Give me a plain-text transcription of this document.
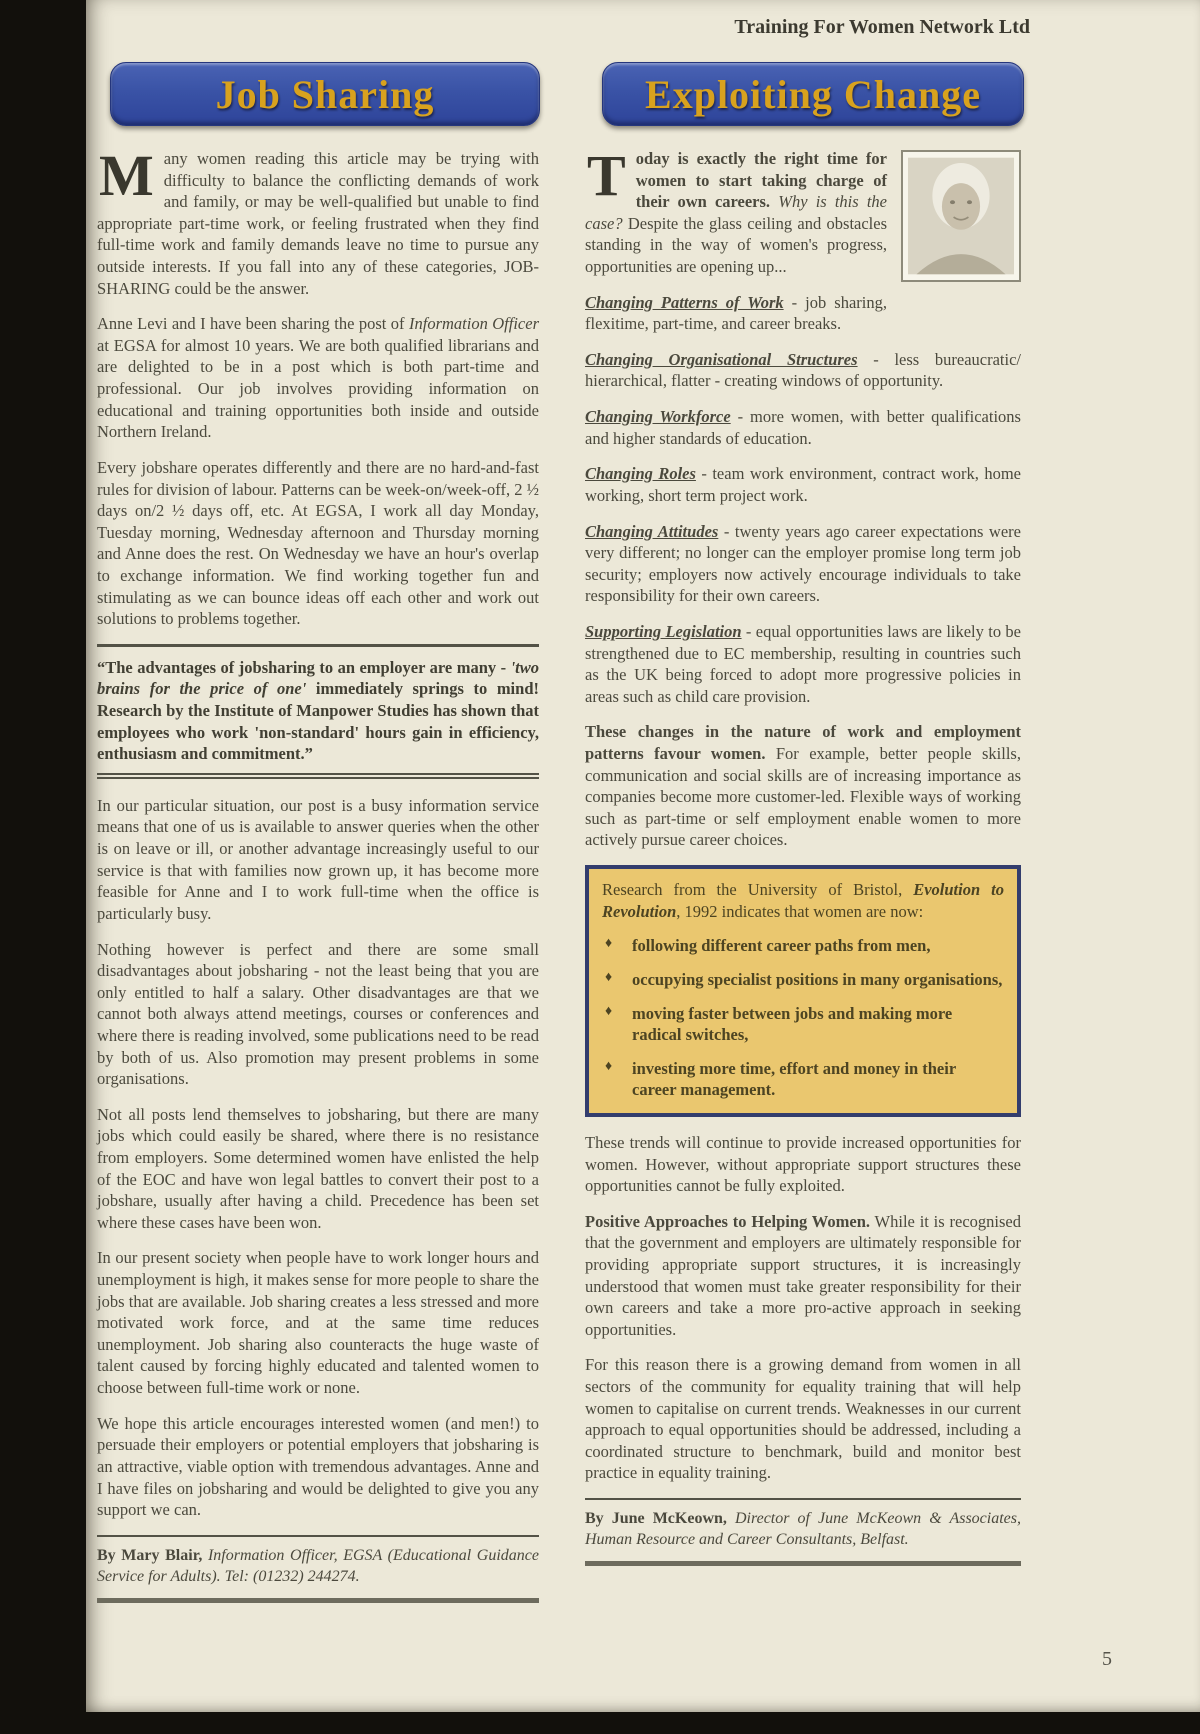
Training For Women Network Ltd
Job Sharing	Exploiting Change

Many women reading this article may be trying with difficulty to balance the conflicting demands of work and family, or may be well-qualified but unable to find appropriate part-time work, or feeling frustrated when they find full-time work and family demands leave no time to pursue any outside interests. If you fall into any of these categories, JOB-SHARING could be the answer.

Anne Levi and I have been sharing the post of Information Officer at EGSA for almost 10 years. We are both qualified librarians and are delighted to be in a post which is both part-time and professional. Our job involves providing information on educational and training opportunities both inside and outside Northern Ireland.

Every jobshare operates differently and there are no hard-and-fast rules for division of labour. Patterns can be week-on/week-off, 2 ½ days on/2 ½ days off, etc. At EGSA, I work all day Monday, Tuesday morning, Wednesday afternoon and Thursday morning and Anne does the rest. On Wednesday we have an hour's overlap to exchange information. We find working together fun and stimulating as we can bounce ideas off each other and work out solutions to problems together.

“The advantages of jobsharing to an employer are many - 'two brains for the price of one' immediately springs to mind! Research by the Institute of Manpower Studies has shown that employees who work 'non-standard' hours gain in efficiency, enthusiasm and commitment.”

In our particular situation, our post is a busy information service means that one of us is available to answer queries when the other is on leave or ill, or another advantage increasingly useful to our service is that with families now grown up, it has become more feasible for Anne and I to work full-time when the office is particularly busy.

Nothing however is perfect and there are some small disadvantages about jobsharing - not the least being that you are only entitled to half a salary. Other disadvantages are that we cannot both always attend meetings, courses or conferences and where there is reading involved, some publications need to be read by both of us. Also promotion may present problems in some organisations.

Not all posts lend themselves to jobsharing, but there are many jobs which could easily be shared, where there is no resistance from employers. Some determined women have enlisted the help of the EOC and have won legal battles to convert their post to a jobshare, usually after having a child. Precedence has been set where these cases have been won.

In our present society when people have to work longer hours and unemployment is high, it makes sense for more people to share the jobs that are available. Job sharing creates a less stressed and more motivated work force, and at the same time reduces unemployment. Job sharing also counteracts the huge waste of talent caused by forcing highly educated and talented women to choose between full-time work or none.

We hope this article encourages interested women (and men!) to persuade their employers or potential employers that jobsharing is an attractive, viable option with tremendous advantages. Anne and I have files on jobsharing and would be delighted to give you any support we can.

By Mary Blair, Information Officer, EGSA (Educational Guidance Service for Adults). Tel: (01232) 244274.

Today is exactly the right time for women to start taking charge of their own careers. Why is this the case? Despite the glass ceiling and obstacles standing in the way of women's progress, opportunities are opening up...

Changing Patterns of Work - job sharing, flexitime, part-time, and career breaks.

Changing Organisational Structures - less bureaucratic/ hierarchical, flatter - creating windows of opportunity.

Changing Workforce - more women, with better qualifications and higher standards of education.

Changing Roles - team work environment, contract work, home working, short term project work.

Changing Attitudes - twenty years ago career expectations were very different; no longer can the employer promise long term job security; employers now actively encourage individuals to take responsibility for their own careers.

Supporting Legislation - equal opportunities laws are likely to be strengthened due to EC membership, resulting in countries such as the UK being forced to adopt more progressive policies in areas such as child care provision.

These changes in the nature of work and employment patterns favour women. For example, better people skills, communication and social skills are of increasing importance as companies become more customer-led. Flexible ways of working such as part-time or self employment enable women to more actively pursue career choices.

Research from the University of Bristol, Evolution to Revolution, 1992 indicates that women are now:

♦	following different career paths from men,
♦	occupying specialist positions in many organisations,
♦	moving faster between jobs and making more radical switches,
♦	investing more time, effort and money in their career management.

These trends will continue to provide increased opportunities for women. However, without appropriate support structures these opportunities cannot be fully exploited.

Positive Approaches to Helping Women. While it is recognised that the government and employers are ultimately responsible for providing appropriate support structures, it is increasingly understood that women must take greater responsibility for their own careers and take a more pro-active approach in seeking opportunities.

For this reason there is a growing demand from women in all sectors of the community for equality training that will help women to capitalise on current trends. Weaknesses in our current approach to equal opportunities should be addressed, including a coordinated structure to benchmark, build and monitor best practice in equality training.

By June McKeown, Director of June McKeown & Associates, Human Resource and Career Consultants, Belfast.

5
